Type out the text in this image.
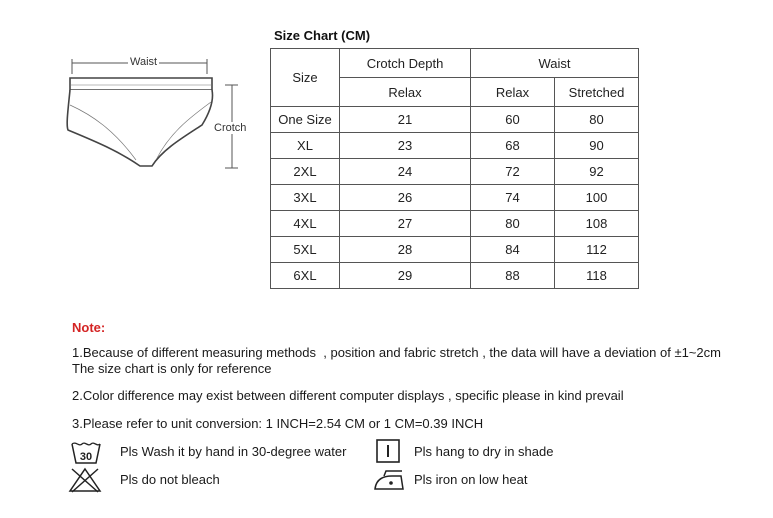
Waist
Crotch
Size Chart (CM)
Size	Crotch Depth	Waist	
	Relax	Relax	Stretched
One Size	21	60	80
XL	23	68	90
2XL	24	72	92
3XL	26	74	100
4XL	27	80	108
5XL	28	84	112
6XL	29	88	118
Note:
1.Because of different measuring methods  , position and fabric stretch , the data will have a deviation of ±1~2cm
The size chart is only for reference
2.Color difference may exist between different computer displays , specific please in kind prevail
3.Please refer to unit conversion: 1 INCH=2.54 CM or 1 CM=0.39 INCH
30 Pls Wash it by hand in 30-degree water	Pls hang to dry in shade
Pls do not bleach	Pls iron on low heat
